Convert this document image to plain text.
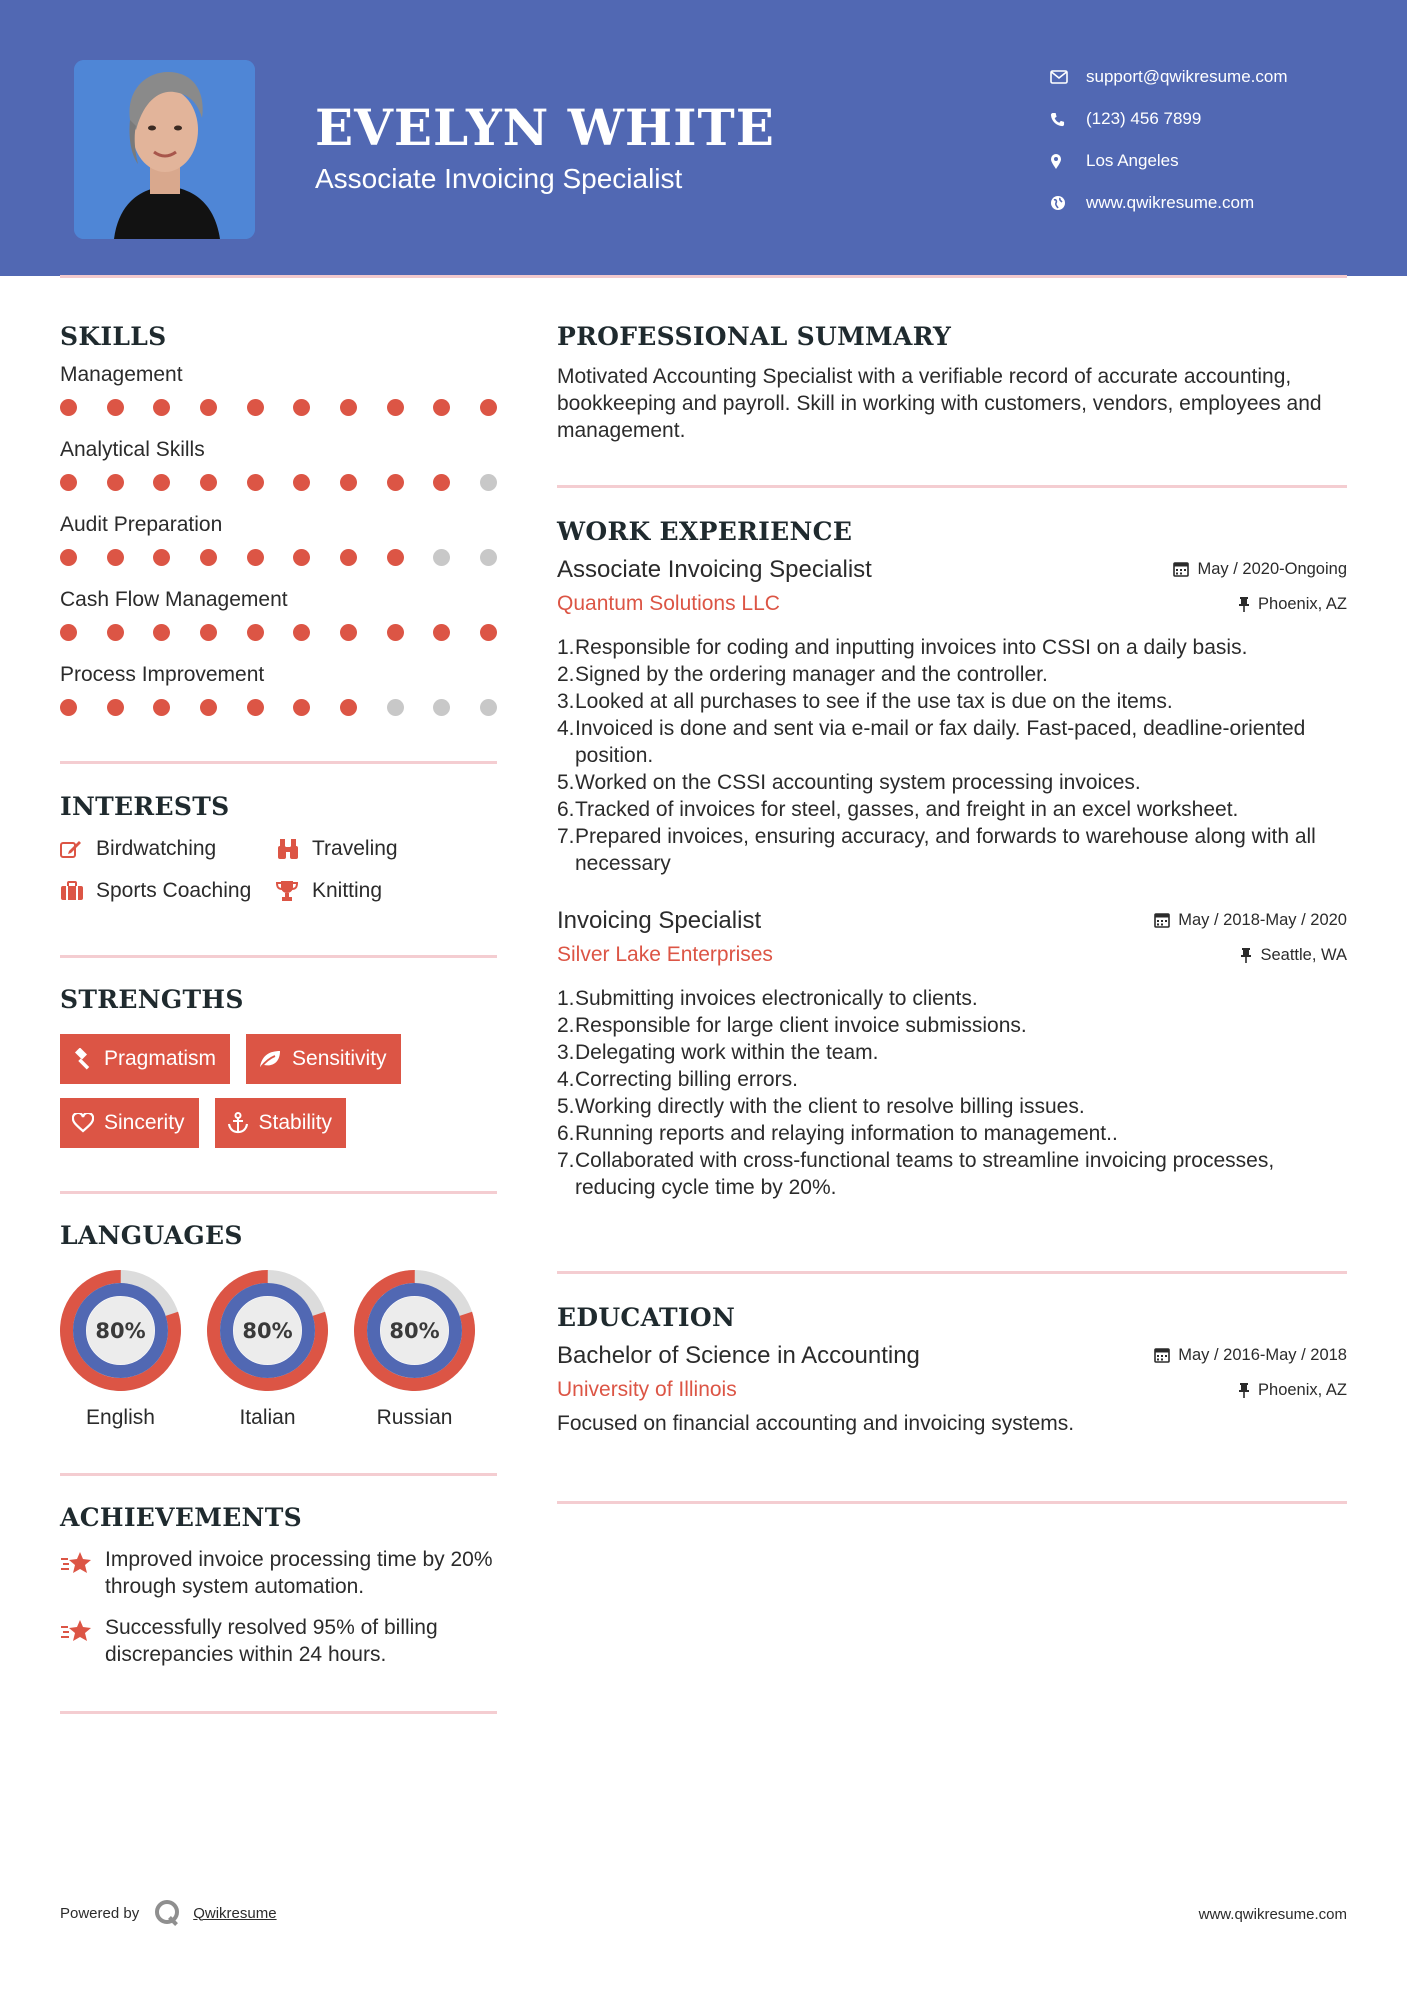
EVELYN WHITE
Associate Invoicing Specialist
support@qwikresume.com
(123) 456 7899
Los Angeles
www.qwikresume.com
SKILLS
Management
Analytical Skills
Audit Preparation
Cash Flow Management
Process Improvement
INTERESTS
Birdwatching	Traveling
Sports Coaching	Knitting
STRENGTHS
Pragmatism	Sensitivity
Sincerity	Stability
LANGUAGES
80%
English
80%
Italian
80%
Russian
ACHIEVEMENTS
Improved invoice processing time by 20% through system automation.
Successfully resolved 95% of billing discrepancies within 24 hours.
PROFESSIONAL SUMMARY
Motivated Accounting Specialist with a verifiable record of accurate accounting, bookkeeping and payroll. Skill in working with customers, vendors, employees and management.
WORK EXPERIENCE
Associate Invoicing Specialist	May / 2020-Ongoing
Quantum Solutions LLC	Phoenix, AZ
1. Responsible for coding and inputting invoices into CSSI on a daily basis.
2. Signed by the ordering manager and the controller.
3. Looked at all purchases to see if the use tax is due on the items.
4. Invoiced is done and sent via e-mail or fax daily. Fast-paced, deadline-oriented position.
5. Worked on the CSSI accounting system processing invoices.
6. Tracked of invoices for steel, gasses, and freight in an excel worksheet.
7. Prepared invoices, ensuring accuracy, and forwards to warehouse along with all necessary
Invoicing Specialist	May / 2018-May / 2020
Silver Lake Enterprises	Seattle, WA
1. Submitting invoices electronically to clients.
2. Responsible for large client invoice submissions.
3. Delegating work within the team.
4. Correcting billing errors.
5. Working directly with the client to resolve billing issues.
6. Running reports and relaying information to management..
7. Collaborated with cross-functional teams to streamline invoicing processes, reducing cycle time by 20%.
EDUCATION
Bachelor of Science in Accounting	May / 2016-May / 2018
University of Illinois	Phoenix, AZ
Focused on financial accounting and invoicing systems.
Powered by	Qwikresume	www.qwikresume.com
